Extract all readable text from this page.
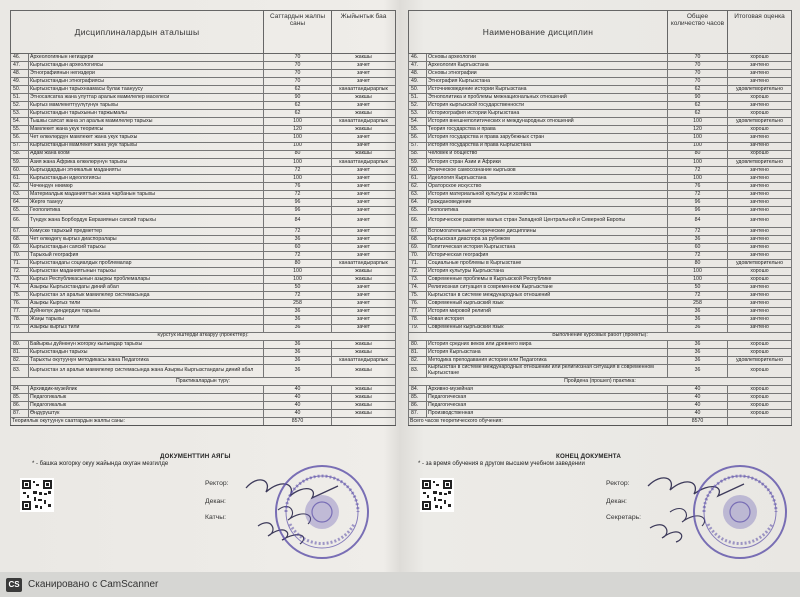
Дисциплиналардын аталышы		Саттардын жалпы саны	Жыйынтык баа
46.	Археологиянын негиздери	70	жакшы
47.	Кыргызстандын археологиясы	70	зачет
48.	Этнографиянын негиздери	70	зачет
49.	Кыргызстандын этнографиясы	70	зачет
50.	Кыргызстандын тарыхнаамасы булак таануусу	62	канааттандырарлык
51.	Этносаясатка жана улуттар аралык мамилелер маселеси	90	жакшы
52.	Кыргыз мамлекеттүүлүгүнүн тарыхы	62	зачет
53.	Кыргызстандын тарыхынын таржымалы	62	жакшы
54.	Тышкы саясат жана эл аралык мамилелер тарыхы	100	канааттандырарлык
55.	Мамлекет жана укук теориясы	120	жакшы
56.	Чет өлкөлөрдүн мамлекет жана укук тарыхы	100	зачет
57.	Кыргызстандын мамлекет жана укук тарыхы	100	зачет
58.	Адам жана коом	80	жакшы
59.	Азия жана Африка өлкөлөрүнүн тарыхы	100	канааттандырарлык
60.	Кыргыздардын этникалык маданияты	72	зачет
61.	Кыргызстандын идеологиясы	100	зачет
62.	Чөчөндүн нөөмөр	76	зачет
63.	Материалдык маданияттын жана чарбанын тарыхы	72	зачет
64.	Жергө таануу	96	зачет
65.	Геополитика	96	зачет
66.	Түндүк жана Борбордук Евразиянын саясий тарыхы	84	зачет
67.	Көмүскө тарыхый предметтер	72	зачет
68.	Чет өлкөдөгү кыргыз диаспоралары	36	зачет
69.	Кыргызстандын саясий тарыхы	60	зачет
70.	Тарыхый география	72	зачет
71.	Кыргызстандагы социалдык проблемалар	80	канааттандырарлык
72.	Кыргызстан маданиятынын тарыхы	100	жакшы
73.	Кыргыз Республикасынын азыркы проблемалары	100	жакшы
74.	Азыркы Кыргызстандагы диний абал	50	зачет
75.	Кыргызстан эл аралык мамилелер системасында	72	зачет
76.	Азыркы Кыргыз тили	258	зачет
77.	Дүйнөлүк диндердин тарыхы	36	зачет
78.	Жаңы тарыхы	36	зачет
79.	Азыркы кыргыз тили	36	зачет
Курстук иштерди аткаруу (проекттер):			
80.	Байыркы дүйнөнүн жогорку кылымдар тарыхы	36	жакшы
81.	Кыргызстандын тарыхы	36	жакшы
82.	Тарыхты окутуунун методикасы жана Педагогика	36	канааттандырарлык
83.	Кыргызстан эл аралык мамилелер системасында жана Азыркы Кыргызстандагы диний абал	36	жакшы
Практикалардын түрү:			
84.	Архивдик-музейлик	40	жакшы
85.	Педагогикалык	40	жакшы
86.	Педагогикалык	40	жакшы
87.	Өндүрүштүк	40	жакшы
Теориялык окутуунун саатгардын жалпы саны:		8570	
Наименование дисциплин		Общее количество часов	Итоговая оценка
46.	Основы археологии	70	хорошо
47.	Археология Кыргызстана	70	зачтено
48.	Основы этнографии	70	зачтено
49.	Этнография Кыргызстана	70	зачтено
50.	Источниковедение истории Кыргызстана	62	удовлетворительно
51.	Этнополитика и проблемы межнациональных отношений	90	хорошо
52.	История кыргызской государственности	62	зачтено
53.	Историография истории Кыргызстана	62	хорошо
54.	История внешнеполитических и международных отношений	100	удовлетворительно
55.	Теория государства и права	120	хорошо
56.	История государства и права зарубежных стран	100	зачтено
57.	История государства и права Кыргызстана	100	зачтено
58.	Человек и общество	80	хорошо
59.	История стран Азии и Африки	100	удовлетворительно
60.	Этническое самосознание кыргызов	72	зачтено
61.	Идеология Кыргызстана	100	зачтено
62.	Ораторское искусство	76	зачтено
63.	История материальной культуры и хозяйства	72	зачтено
64.	Граждановедение	96	зачтено
65.	Геополитика	96	зачтено
66.	Историческое развитие малых стран Западной Центральной и Северной Европы	84	зачтено
67.	Вспомогательные исторические дисциплины	72	зачтено
68.	Кыргызская диаспора за рубежом	36	зачтено
69.	Политическая история Кыргызстана	60	зачтено
70.	Историческая география	72	зачтено
71.	Социальные проблемы в Кыргызстане	80	удовлетворительно
72.	История культуры Кыргызстана	100	хорошо
73.	Современные проблемы в Кыргызской Республике	100	хорошо
74.	Религиозная ситуация в современном Кыргызстане	50	зачтено
75.	Кыргызстан в системе международных отношений	72	зачтено
76.	Современный кыргызский язык	258	зачтено
77.	История мировой религий	36	зачтено
78.	Новая история	36	зачтено
79.	Современный кыргызский язык	36	зачтено
Выполнение курсовых работ (проекты):			
80.	История средних веков или древнего мира	36	хорошо
81.	История Кыргызстана	36	хорошо
82.	Методика преподавания истории или Педагогика	36	удовлетворительно
83.	Кыргызстан в системе международных отношений или религиозная ситуация в современном Кыргызстане	36	хорошо
Пройдена (прошел) практика:			
84.	Архивно-музейная	40	хорошо
85.	Педагогическая	40	хорошо
86.	Педагогическая	40	хорошо
87.	Производственная	40	хорошо
Всего часов теоретического обучения:		8570	
ДОКУМЕНТТИН АЯГЫ
* - башка жогорку окуу жайында окуган мезгилде
Ректор:
Декан:
Катчы:
КОНЕЦ ДОКУМЕНТА
* - за время обучения в другом высшем учебном заведении
Ректор:
Декан:
Секретарь:
CS Сканировано с CamScanner
